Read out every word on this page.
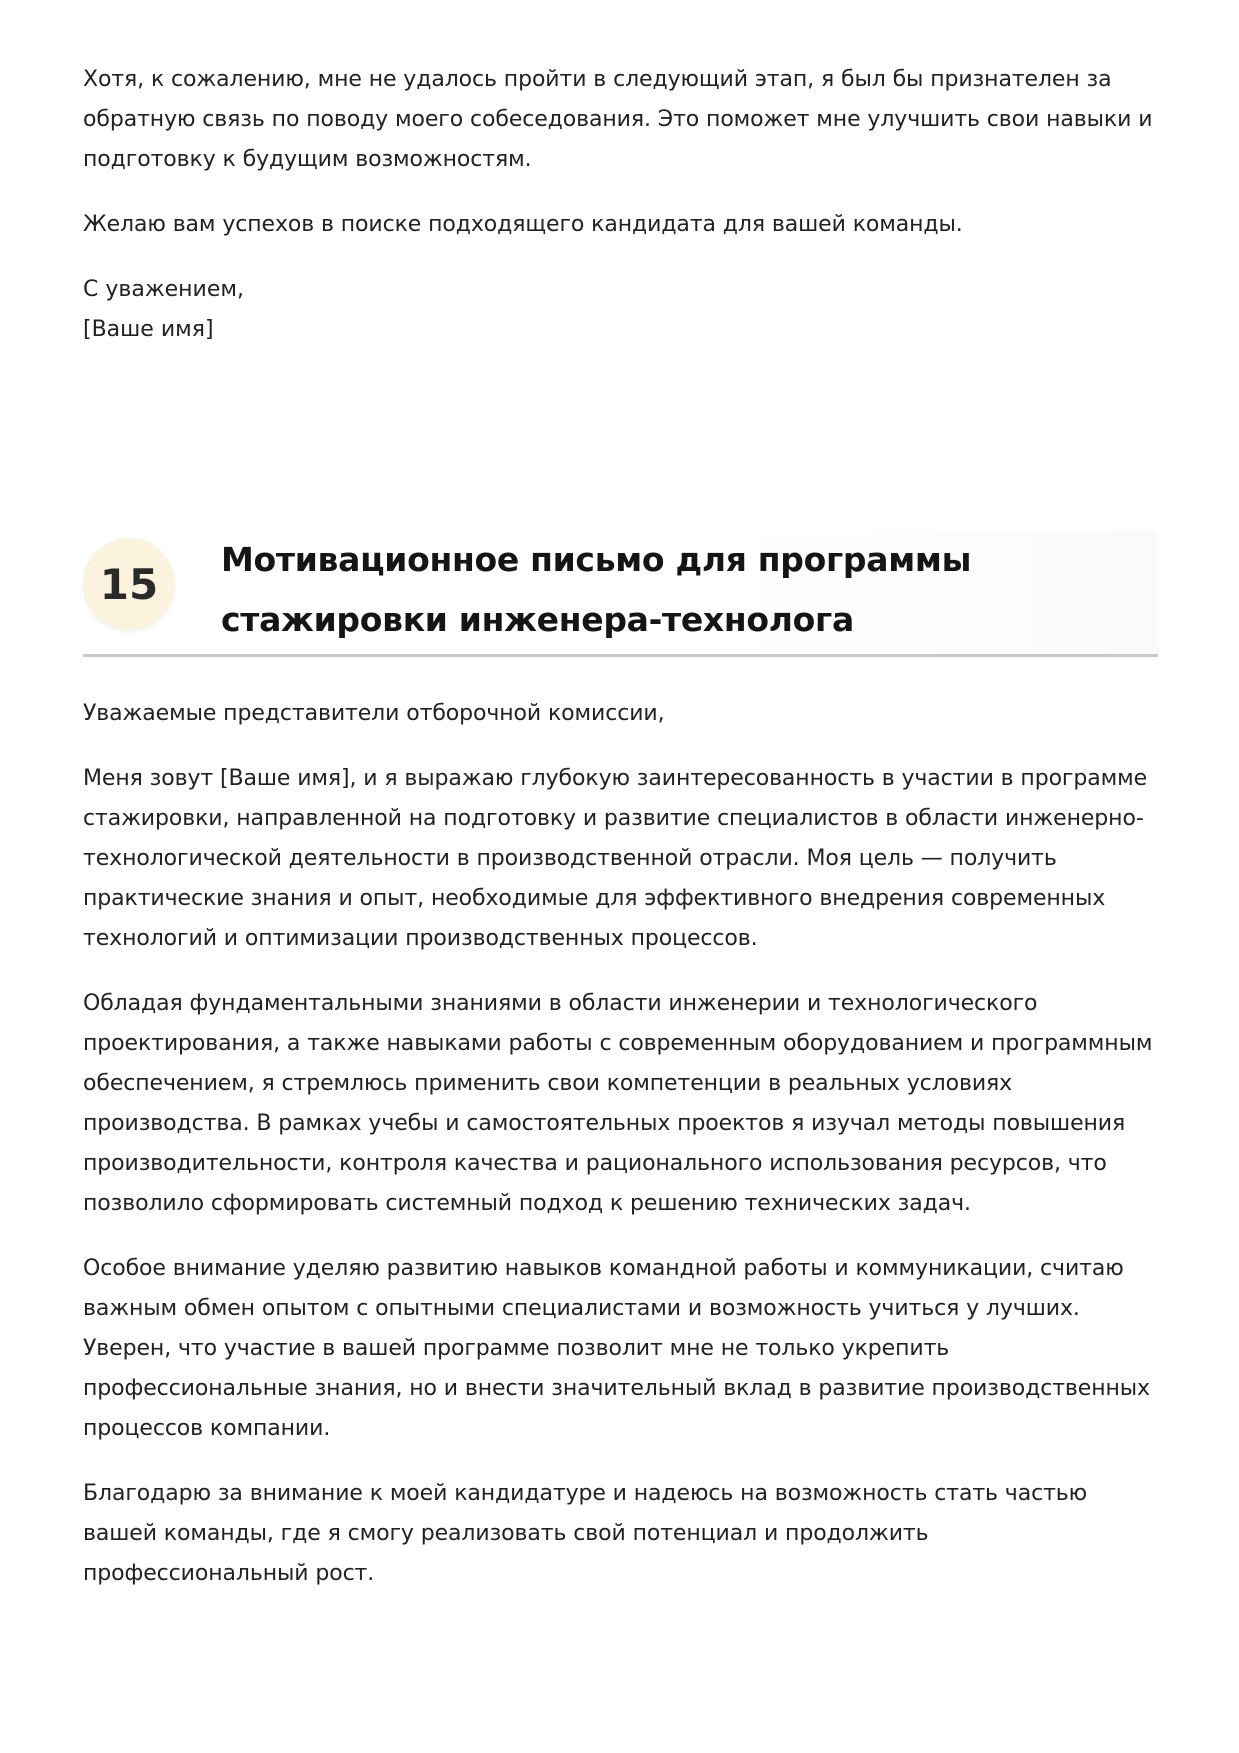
Хотя, к сожалению, мне не удалось пройти в следующий этап, я был бы признателен за обратную связь по поводу моего собеседования. Это поможет мне улучшить свои навыки и подготовку к будущим возможностям.

Желаю вам успехов в поиске подходящего кандидата для вашей команды.

С уважением,
[Ваше имя]
15	Мотивационное письмо для программы стажировки инженера-технолога

Уважаемые представители отборочной комиссии,

Меня зовут [Ваше имя], и я выражаю глубокую заинтересованность в участии в программе стажировки, направленной на подготовку и развитие специалистов в области инженерно-технологической деятельности в производственной отрасли. Моя цель — получить практические знания и опыт, необходимые для эффективного внедрения современных технологий и оптимизации производственных процессов.

Обладая фундаментальными знаниями в области инженерии и технологического проектирования, а также навыками работы с современным оборудованием и программным обеспечением, я стремлюсь применить свои компетенции в реальных условиях производства. В рамках учебы и самостоятельных проектов я изучал методы повышения производительности, контроля качества и рационального использования ресурсов, что позволило сформировать системный подход к решению технических задач.

Особое внимание уделяю развитию навыков командной работы и коммуникации, считаю важным обмен опытом с опытными специалистами и возможность учиться у лучших. Уверен, что участие в вашей программе позволит мне не только укрепить профессиональные знания, но и внести значительный вклад в развитие производственных процессов компании.

Благодарю за внимание к моей кандидатуре и надеюсь на возможность стать частью вашей команды, где я смогу реализовать свой потенциал и продолжить профессиональный рост.
